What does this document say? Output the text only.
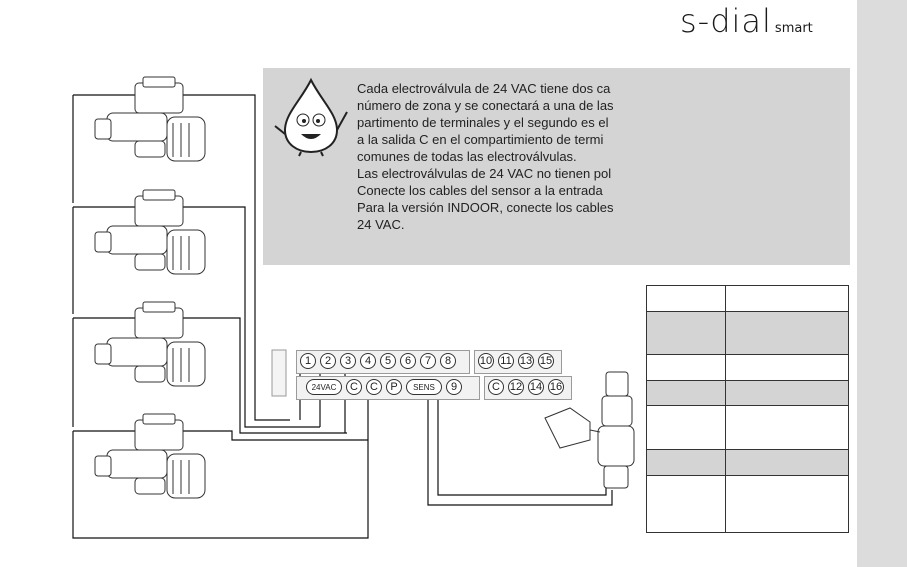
s-dial smart
Cada electroválvula de 24 VAC tiene dos ca
número de zona y se conectará a una de las
partimento de terminales y el segundo es el
a la salida C en el compartimiento de termi
comunes de todas las electroválvulas.
Las electroválvulas de 24 VAC no tienen pol
Conecte los cables del sensor a la entrada
Para la versión INDOOR, conecte los cables
24 VAC.
1	2	3	4	5	6	7	8	10 11 13 15
24VAC	C	C	P	SENS	9	C 12 14 16
